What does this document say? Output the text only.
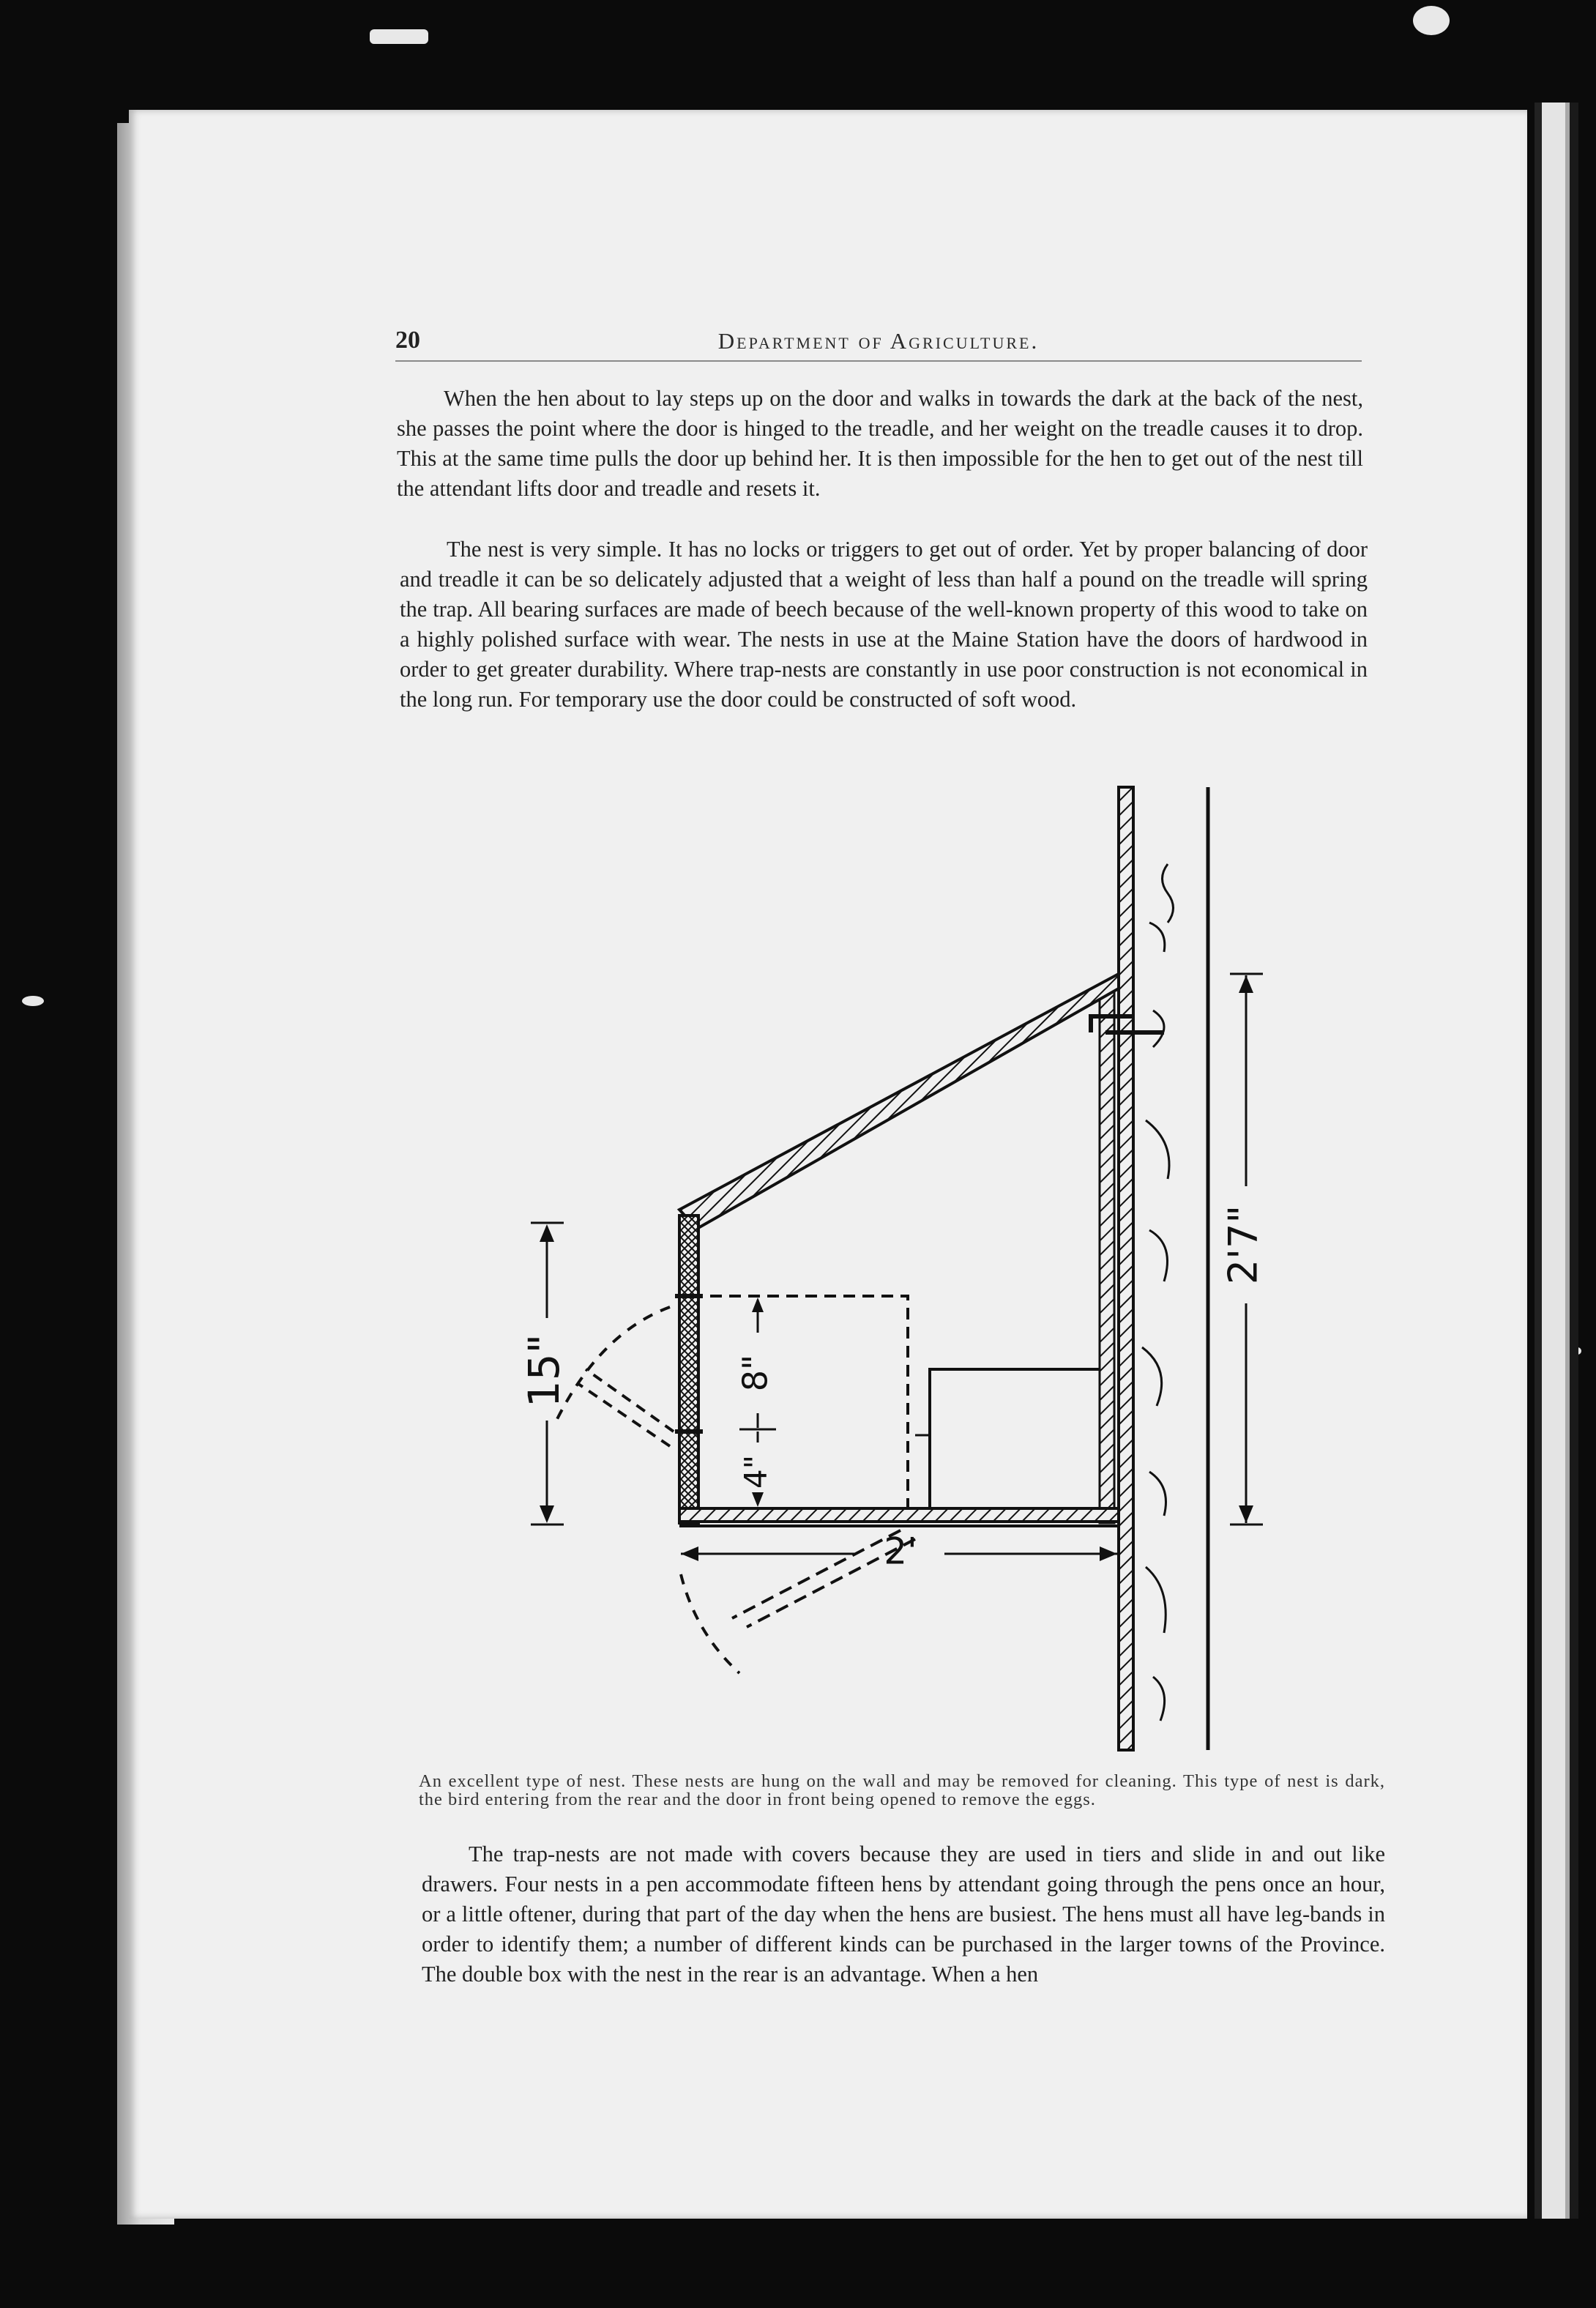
20	Department of Agriculture.

When the hen about to lay steps up on the door and walks in towards the dark at the back of the nest, she passes the point where the door is hinged to the treadle, and her weight on the treadle causes it to drop. This at the same time pulls the door up behind her. It is then impossible for the hen to get out of the nest till the attendant lifts door and treadle and resets it.

The nest is very simple. It has no locks or triggers to get out of order. Yet by proper balancing of door and treadle it can be so delicately adjusted that a weight of less than half a pound on the treadle will spring the trap. All bearing surfaces are made of beech because of the well-known property of this wood to take on a highly polished surface with wear. The nests in use at the Maine Station have the doors of hardwood in order to get greater durability. Where trap-nests are constantly in use poor construction is not economical in the long run. For temporary use the door could be constructed of soft wood.

15"	8"
4"
2'
2'7"

An excellent type of nest. These nests are hung on the wall and may be removed for cleaning. This type of nest is dark, the bird entering from the rear and the door in front being opened to remove the eggs.

The trap-nests are not made with covers because they are used in tiers and slide in and out like drawers. Four nests in a pen accommodate fifteen hens by attendant going through the pens once an hour, or a little oftener, during that part of the day when the hens are busiest. The hens must all have leg-bands in order to identify them; a number of different kinds can be purchased in the larger towns of the Province. The double box with the nest in the rear is an advantage. When a hen
